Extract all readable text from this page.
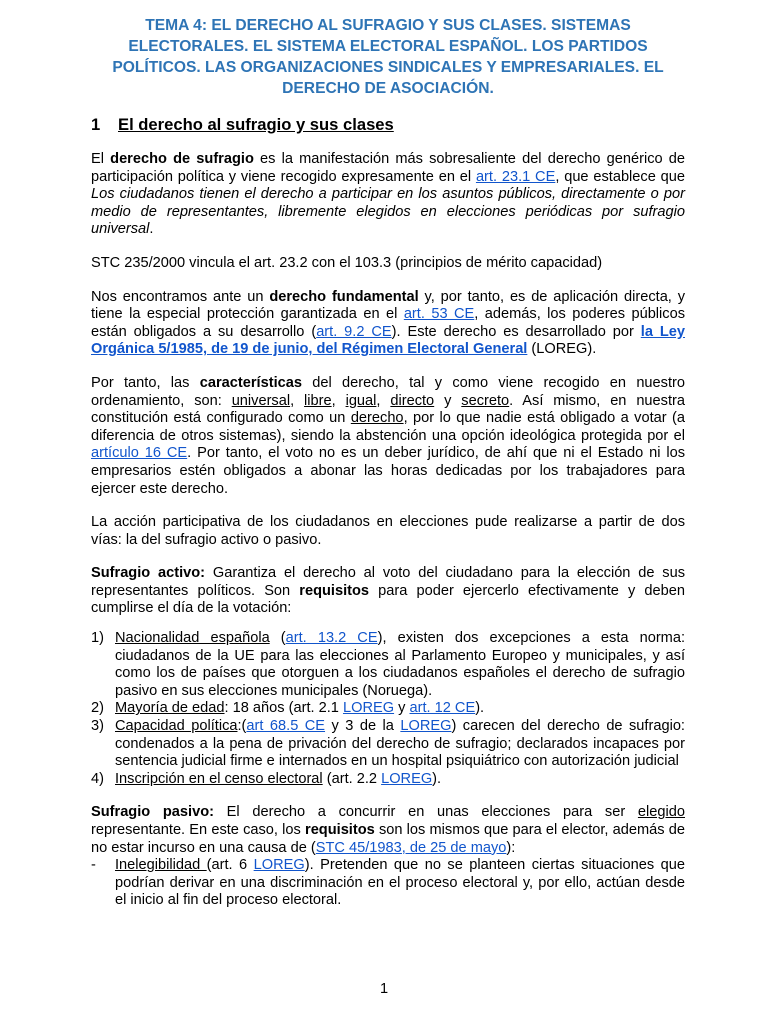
TEMA 4: EL DERECHO AL SUFRAGIO Y SUS CLASES. SISTEMAS ELECTORALES. EL SISTEMA ELECTORAL ESPAÑOL. LOS PARTIDOS POLÍTICOS. LAS ORGANIZACIONES SINDICALES Y EMPRESARIALES. EL DERECHO DE ASOCIACIÓN.
1 El derecho al sufragio y sus clases

El derecho de sufragio es la manifestación más sobresaliente del derecho genérico de participación política y viene recogido expresamente en el art. 23.1 CE, que establece que Los ciudadanos tienen el derecho a participar en los asuntos públicos, directamente o por medio de representantes, libremente elegidos en elecciones periódicas por sufragio universal.

STC 235/2000 vincula el art. 23.2 con el 103.3 (principios de mérito capacidad)

Nos encontramos ante un derecho fundamental y, por tanto, es de aplicación directa, y tiene la especial protección garantizada en el art. 53 CE, además, los poderes públicos están obligados a su desarrollo (art. 9.2 CE). Este derecho es desarrollado por la Ley Orgánica 5/1985, de 19 de junio, del Régimen Electoral General (LOREG).

Por tanto, las características del derecho, tal y como viene recogido en nuestro ordenamiento, son: universal, libre, igual, directo y secreto. Así mismo, en nuestra constitución está configurado como un derecho, por lo que nadie está obligado a votar (a diferencia de otros sistemas), siendo la abstención una opción ideológica protegida por el artículo 16 CE. Por tanto, el voto no es un deber jurídico, de ahí que ni el Estado ni los empresarios estén obligados a abonar las horas dedicadas por los trabajadores para ejercer este derecho.

La acción participativa de los ciudadanos en elecciones pude realizarse a partir de dos vías: la del sufragio activo o pasivo.

Sufragio activo: Garantiza el derecho al voto del ciudadano para la elección de sus representantes políticos. Son requisitos para poder ejercerlo efectivamente y deben cumplirse el día de la votación:

1) Nacionalidad española (art. 13.2 CE), existen dos excepciones a esta norma: ciudadanos de la UE para las elecciones al Parlamento Europeo y municipales, y así como los de países que otorguen a los ciudadanos españoles el derecho de sufragio pasivo en sus elecciones municipales (Noruega).
2) Mayoría de edad: 18 años (art. 2.1 LOREG y art. 12 CE).
3) Capacidad política:(art 68.5 CE y 3 de la LOREG) carecen del derecho de sufragio: condenados a la pena de privación del derecho de sufragio; declarados incapaces por sentencia judicial firme e internados en un hospital psiquiátrico con autorización judicial
4) Inscripción en el censo electoral (art. 2.2 LOREG).

Sufragio pasivo: El derecho a concurrir en unas elecciones para ser elegido representante. En este caso, los requisitos son los mismos que para el elector, además de no estar incurso en una causa de (STC 45/1983, de 25 de mayo):

- Inelegibilidad (art. 6 LOREG). Pretenden que no se planteen ciertas situaciones que podrían derivar en una discriminación en el proceso electoral y, por ello, actúan desde el inicio al fin del proceso electoral.
1
